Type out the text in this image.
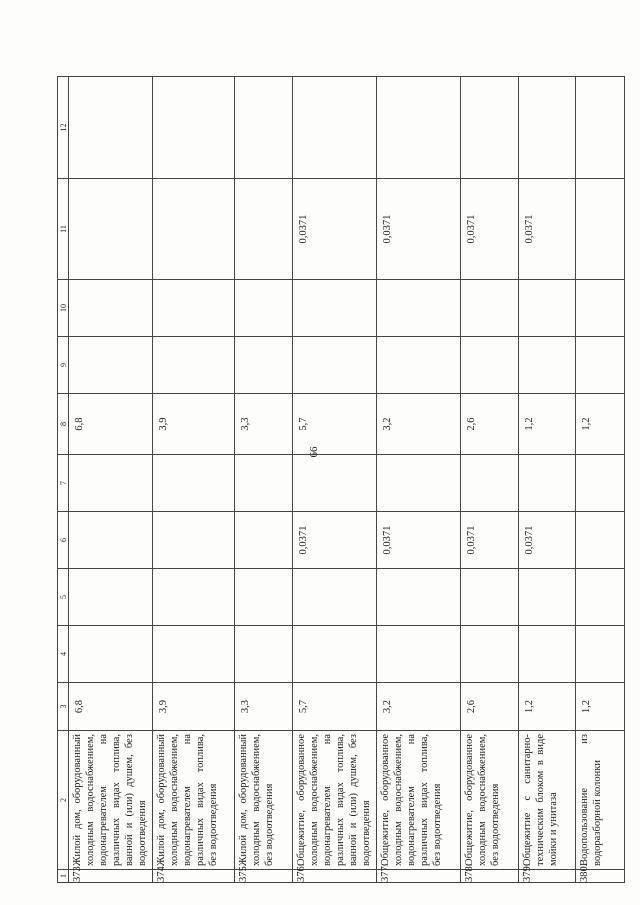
66
1	2	3	4	5	6	7	8	9	10	11	12
373.	Жилой дом, оборудованный холодным водоснабжением, водонагревателем на различных видах топлива, ванной и (или) душем, без водоотведения	6,8					6,8				
374.	Жилой дом, оборудованный холодным водоснабжением, водонагревателем на различных видах топлива, без водоотведения	3,9					3,9				
375.	Жилой дом, оборудованный холодным водоснабжением, без водоотведения	3,3					3,3				
376.	Общежитие, оборудованное холодным водоснабжением, водонагревателем на различных видах топлива, ванной и (или) душем, без водоотведения	5,7			0,0371		5,7			0,0371	
377.	Общежитие, оборудованное холодным водоснабжением, водонагревателем на различных видах топлива, без водоотведения	3,2			0,0371		3,2			0,0371	
378.	Общежитие, оборудованное холодным водоснабжением, без водоотведения	2,6			0,0371		2,6			0,0371	
379.	Общежитие с санитарно-техническим блоком в виде мойки и унитаза	1,2			0,0371		1,2			0,0371	
380.	Водопользование из водоразборной колонки	1,2					1,2				
